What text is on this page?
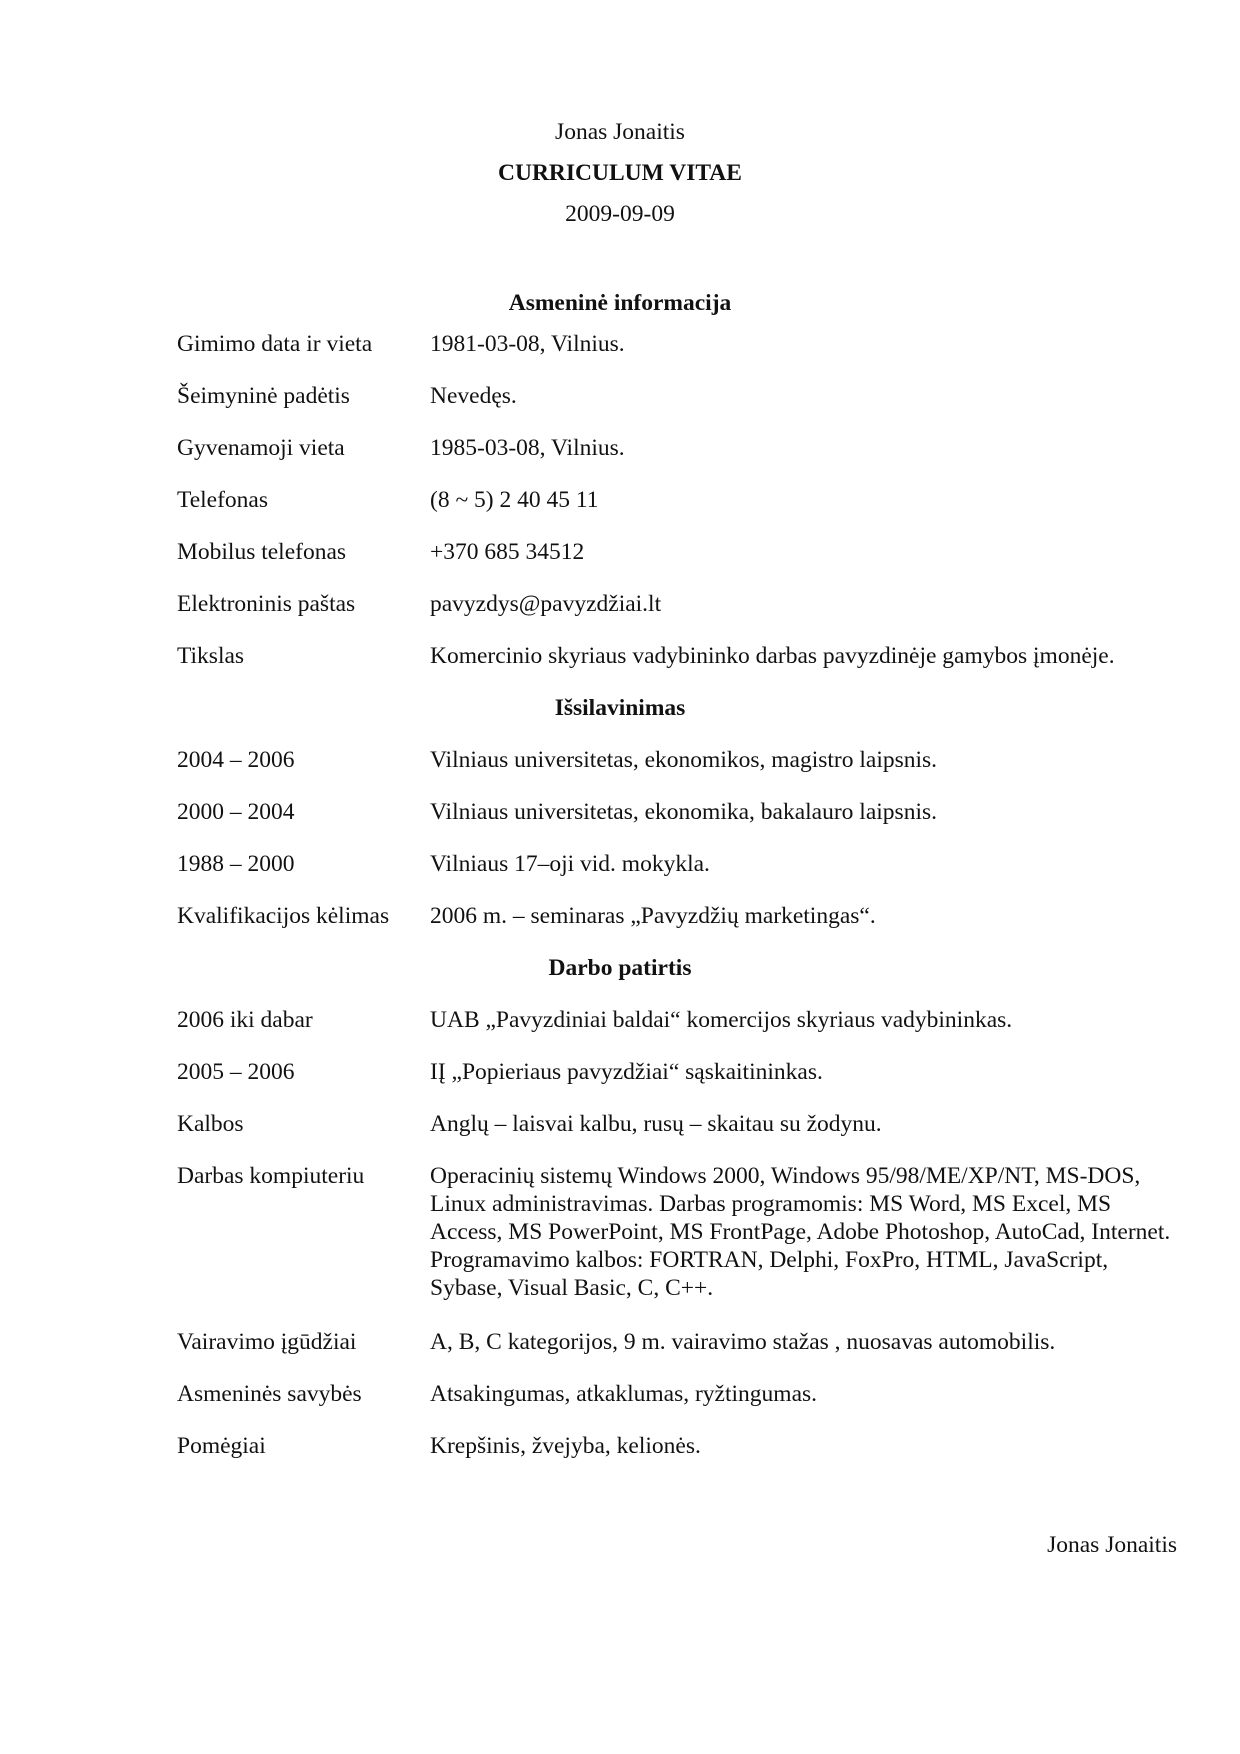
Jonas Jonaitis
CURRICULUM VITAE
2009-09-09
Asmeninė informacija
Gimimo data ir vieta 1981-03-08, Vilnius.
Šeimyninė padėtis	Nevedęs.
Gyvenamoji vieta	1985-03-08, Vilnius.
Telefonas	(8 ~ 5) 2 40 45 11
Mobilus telefonas	+370 685 34512
Elektroninis paštas	pavyzdys@pavyzdžiai.lt
Tikslas	Komercinio skyriaus vadybininko darbas pavyzdinėje gamybos įmonėje.
Išsilavinimas
2004 – 2006	Vilniaus universitetas, ekonomikos, magistro laipsnis.
2000 – 2004	Vilniaus universitetas, ekonomika, bakalauro laipsnis.
1988 – 2000	Vilniaus 17–oji vid. mokykla.
Kvalifikacijos kėlimas 2006 m. – seminaras „Pavyzdžių marketingas“.
Darbo patirtis
2006 iki dabar	UAB „Pavyzdiniai baldai“ komercijos skyriaus vadybininkas.
2005 – 2006	IĮ „Popieriaus pavyzdžiai“ sąskaitininkas.
Kalbos	Anglų – laisvai kalbu, rusų – skaitau su žodynu.
Darbas kompiuteriu	Operacinių sistemų Windows 2000, Windows 95/98/ME/XP/NT, MS-DOS, Linux administravimas. Darbas programomis: MS Word, MS Excel, MS Access, MS PowerPoint, MS FrontPage, Adobe Photoshop, AutoCad, Internet. Programavimo kalbos: FORTRAN, Delphi, FoxPro, HTML, JavaScript, Sybase, Visual Basic, C, C++.
Vairavimo įgūdžiai	A, B, C kategorijos, 9 m. vairavimo stažas , nuosavas automobilis.
Asmeninės savybės	Atsakingumas, atkaklumas, ryžtingumas.
Pomėgiai	Krepšinis, žvejyba, kelionės.
Jonas Jonaitis
